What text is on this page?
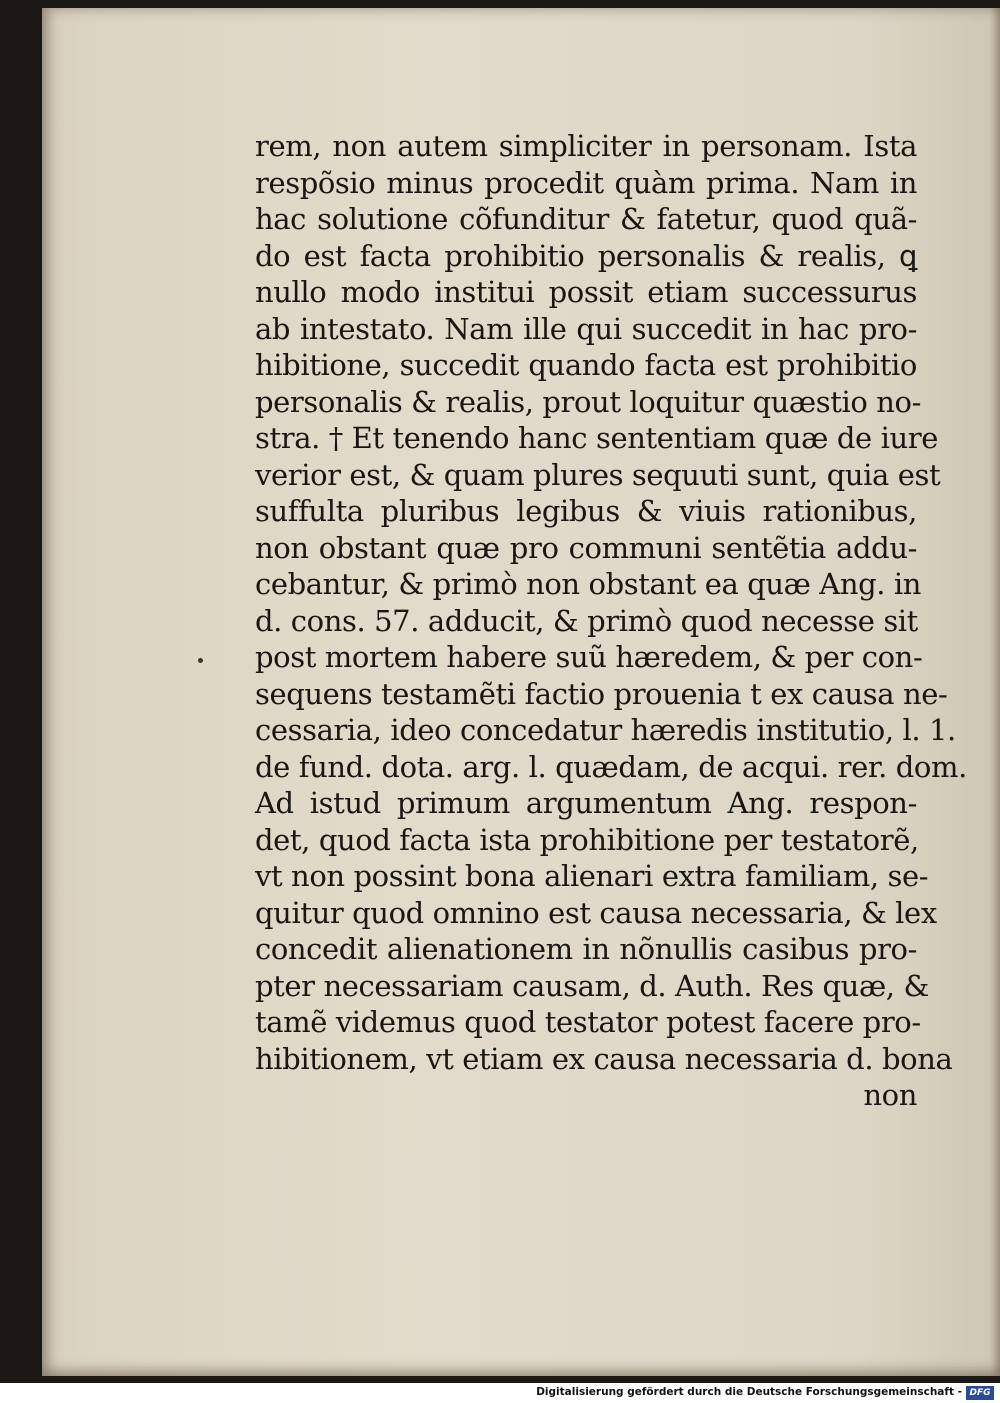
rem, non autem simpliciter in personam. Ista
respõsio minus procedit quàm prima. Nam in
hac solutione cõfunditur & fatetur, quod quã-
do est facta prohibitio personalis & realis, ꝗ
nullo modo institui possit etiam successurus
ab intestato. Nam ille qui succedit in hac pro-
hibitione, succedit quando facta est prohibitio
personalis & realis, prout loquitur quæstio no-
stra. † Et tenendo hanc sententiam quæ de iure
verior est, & quam plures sequuti sunt, quia est
suffulta pluribus legibus & viuis rationibus,
non obstant quæ pro communi sentẽtia addu-
cebantur, & primò non obstant ea quæ Ang. in
d. cons. 57. adducit, & primò quod necesse sit
post mortem habere suũ hæredem, & per con-
sequens testamẽti factio prouenia t ex causa ne-
cessaria, ideo concedatur hæredis institutio, l. 1.
de fund. dota. arg. l. quædam, de acqui. rer. dom.
Ad istud primum argumentum Ang. respon-
det, quod facta ista prohibitione per testatorẽ,
vt non possint bona alienari extra familiam, se-
quitur quod omnino est causa necessaria, & lex
concedit alienationem in nõnullis casibus pro-
pter necessariam causam, d. Auth. Res quæ, &
tamẽ videmus quod testator potest facere pro-
hibitionem, vt etiam ex causa necessaria d. bona
non
Digitalisierung gefördert durch die Deutsche Forschungsgemeinschaft - DFG
